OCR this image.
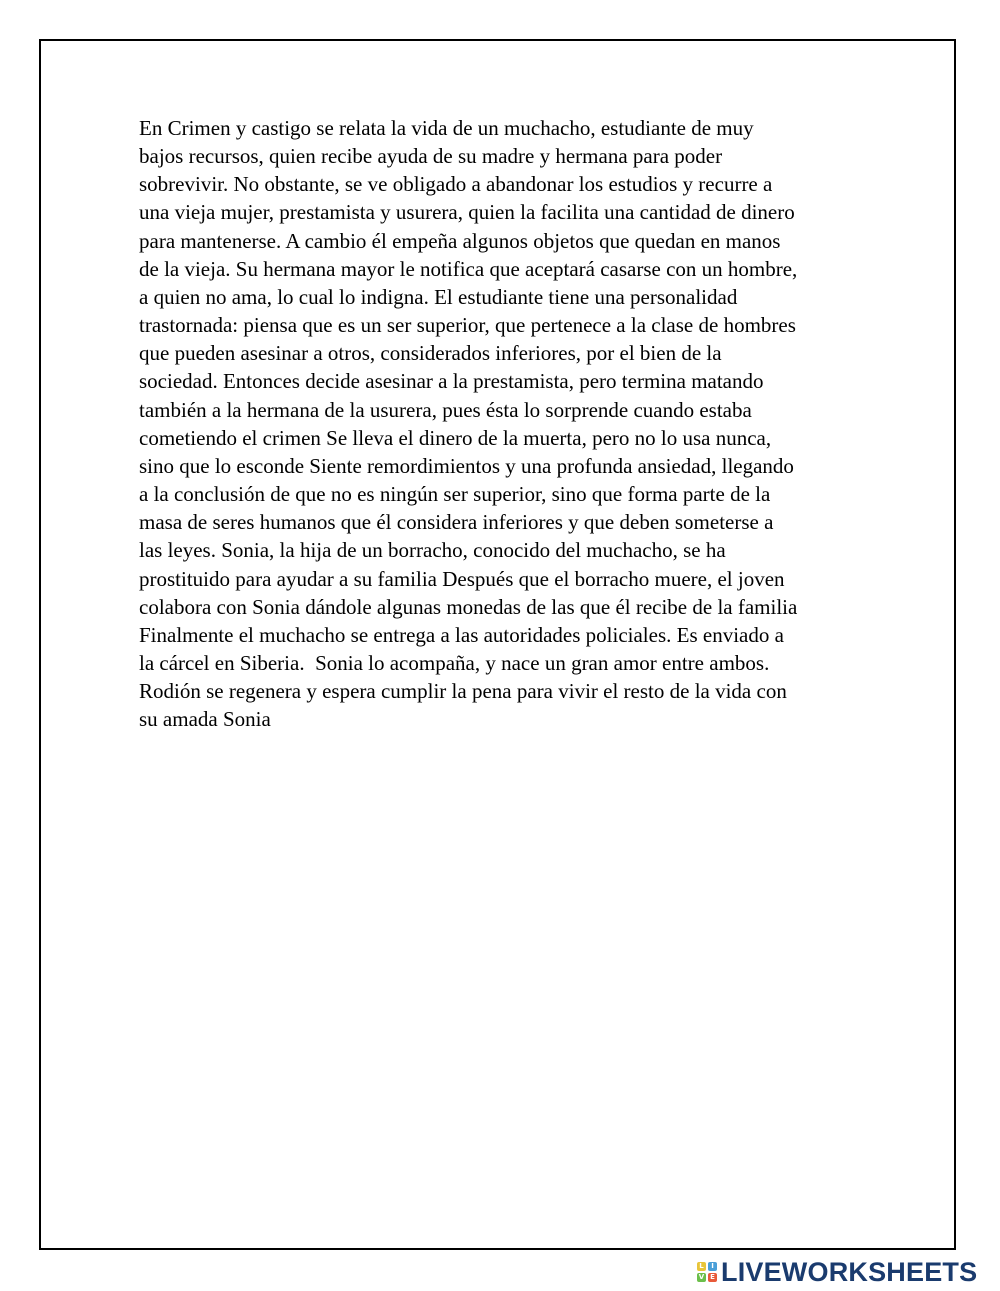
En Crimen y castigo se relata la vida de un muchacho, estudiante de muy
bajos recursos, quien recibe ayuda de su madre y hermana para poder
sobrevivir. No obstante, se ve obligado a abandonar los estudios y recurre a
una vieja mujer, prestamista y usurera, quien la facilita una cantidad de dinero
para mantenerse. A cambio él empeña algunos objetos que quedan en manos
de la vieja. Su hermana mayor le notifica que aceptará casarse con un hombre,
a quien no ama, lo cual lo indigna. El estudiante tiene una personalidad
trastornada: piensa que es un ser superior, que pertenece a la clase de hombres
que pueden asesinar a otros, considerados inferiores, por el bien de la
sociedad. Entonces decide asesinar a la prestamista, pero termina matando
también a la hermana de la usurera, pues ésta lo sorprende cuando estaba
cometiendo el crimen Se lleva el dinero de la muerta, pero no lo usa nunca,
sino que lo esconde Siente remordimientos y una profunda ansiedad, llegando
a la conclusión de que no es ningún ser superior, sino que forma parte de la
masa de seres humanos que él considera inferiores y que deben someterse a
las leyes. Sonia, la hija de un borracho, conocido del muchacho, se ha
prostituido para ayudar a su familia Después que el borracho muere, el joven
colabora con Sonia dándole algunas monedas de las que él recibe de la familia
Finalmente el muchacho se entrega a las autoridades policiales. Es enviado a
la cárcel en Siberia.  Sonia lo acompaña, y nace un gran amor entre ambos.
Rodión se regenera y espera cumplir la pena para vivir el resto de la vida con
su amada Sonia
L	I
V E LIVEWORKSHEETS
